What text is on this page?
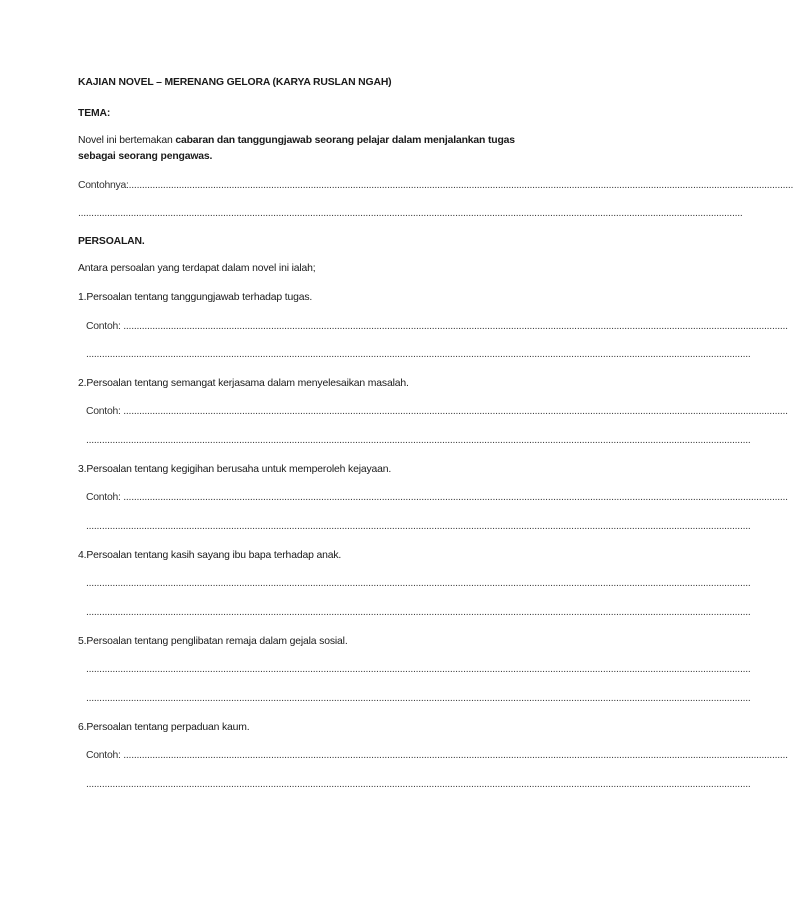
KAJIAN NOVEL – MERENANG GELORA (KARYA RUSLAN NGAH)

TEMA:

Novel ini bertemakan cabaran dan tanggungjawab seorang pelajar dalam menjalankan tugas

sebagai seorang pengawas.

Contohnya:............................................................................................................................................................................................................................................................
............................................................................................................................................................................................................................................................

PERSOALAN.

Antara persoalan yang terdapat dalam novel ini ialah;

1.Persoalan tentang tanggungjawab terhadap tugas.

Contoh: ............................................................................................................................................................................................................................................................
............................................................................................................................................................................................................................................................

2.Persoalan tentang semangat kerjasama dalam menyelesaikan masalah.

Contoh: ............................................................................................................................................................................................................................................................
............................................................................................................................................................................................................................................................

3.Persoalan tentang kegigihan berusaha untuk memperoleh kejayaan.

Contoh: ............................................................................................................................................................................................................................................................
............................................................................................................................................................................................................................................................

4.Persoalan tentang kasih sayang ibu bapa terhadap anak.

............................................................................................................................................................................................................................................................
............................................................................................................................................................................................................................................................

5.Persoalan tentang penglibatan remaja dalam gejala sosial.

............................................................................................................................................................................................................................................................
............................................................................................................................................................................................................................................................

6.Persoalan tentang perpaduan kaum.

Contoh: ............................................................................................................................................................................................................................................................
............................................................................................................................................................................................................................................................
